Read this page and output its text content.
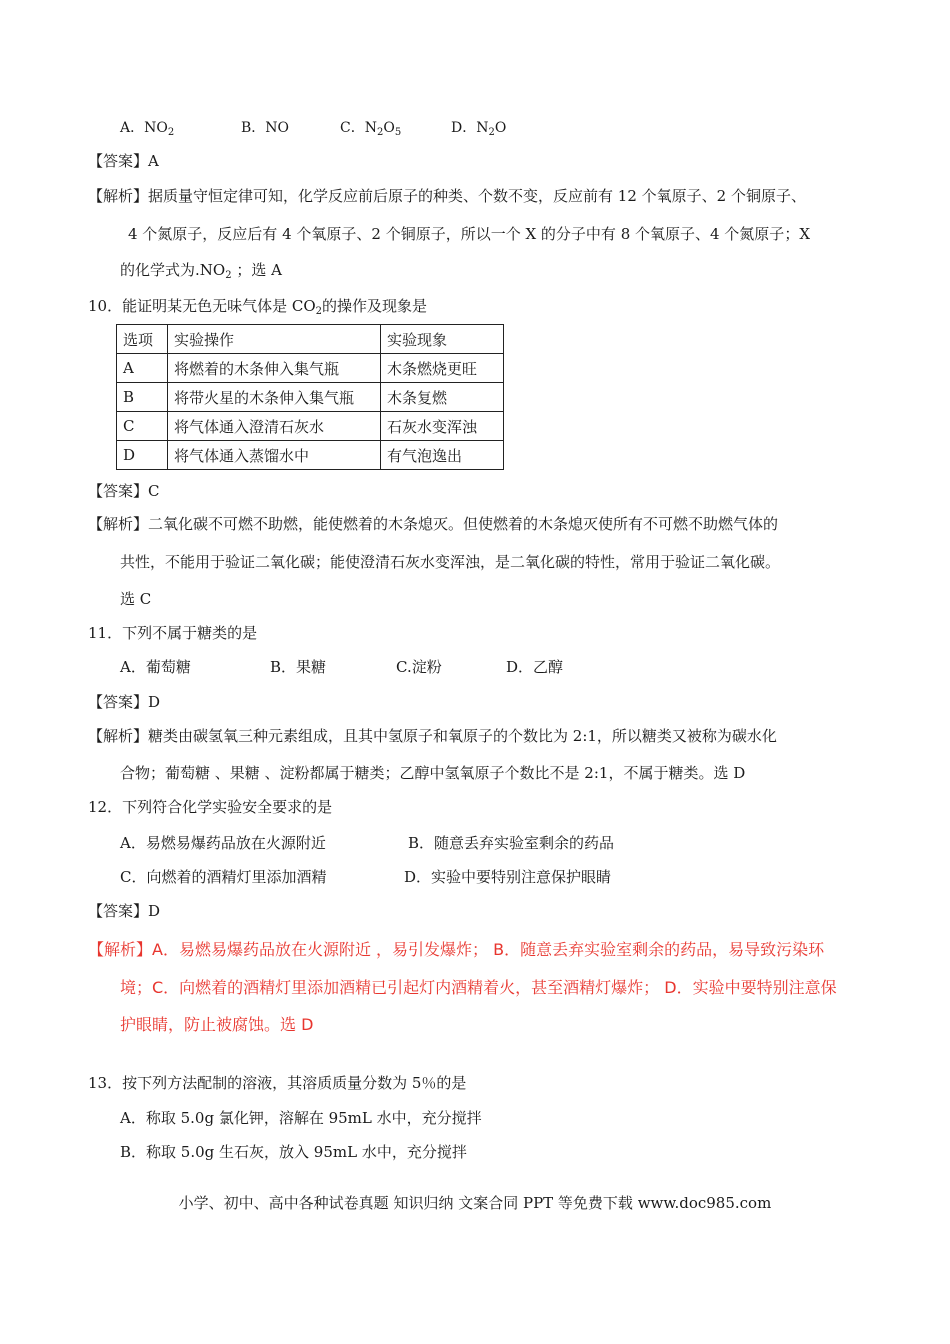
A．$NO_2$	B．NO	C．$N_2O_5$	D．$N_2O$
【答案】A
【解析】据质量守恒定律可知，化学反应前后原子的种类、个数不变，反应前有 12 个氧原子、2 个铜原子、
4 个氮原子，反应后有 4 个氧原子、2 个铜原子，所以一个 X 的分子中有 8 个氧原子、4 个氮原子；X
的化学式为$.NO_2$ ；选 A
10．能证明某无色无味气体是 $CO_2$的操作及现象是
选项	实验操作	实验现象
A	将燃着的木条伸入集气瓶	木条燃烧更旺
B	将带火星的木条伸入集气瓶	木条复燃
C	将气体通入澄清石灰水	石灰水变浑浊
D	将气体通入蒸馏水中	有气泡逸出
【答案】C
【解析】二氧化碳不可燃不助燃，能使燃着的木条熄灭。但使燃着的木条熄灭使所有不可燃不助燃气体的
共性，不能用于验证二氧化碳；能使澄清石灰水变浑浊，是二氧化碳的特性，常用于验证二氧化碳。
选 C
11．下列不属于糖类的是
A．葡萄糖	B．果糖	C.淀粉	D．乙醇
【答案】D
【解析】糖类由碳氢氧三种元素组成，且其中氢原子和氧原子的个数比为 2:1，所以糖类又被称为碳水化
合物；葡萄糖 、果糖 、淀粉都属于糖类；乙醇中氢氧原子个数比不是 2:1，不属于糖类。选 D
12．下列符合化学实验安全要求的是
A．易燃易爆药品放在火源附近	B．随意丢弃实验室剩余的药品
C．向燃着的酒精灯里添加酒精	D．实验中要特别注意保护眼睛
【答案】D
【解析】A．易燃易爆药品放在火源附近 ，易引发爆炸； B．随意丢弃实验室剩余的药品，易导致污染环
境；C．向燃着的酒精灯里添加酒精已引起灯内酒精着火，甚至酒精灯爆炸； D．实验中要特别注意保
护眼睛，防止被腐蚀。选 D
13．按下列方法配制的溶液，其溶质质量分数为 5％的是
A．称取 5.0g 氯化钾，溶解在 95mL 水中，充分搅拌
B．称取 5.0g 生石灰，放入 95mL 水中，充分搅拌
小学、初中、高中各种试卷真题 知识归纳 文案合同 PPT 等免费下载 www.doc985.com
